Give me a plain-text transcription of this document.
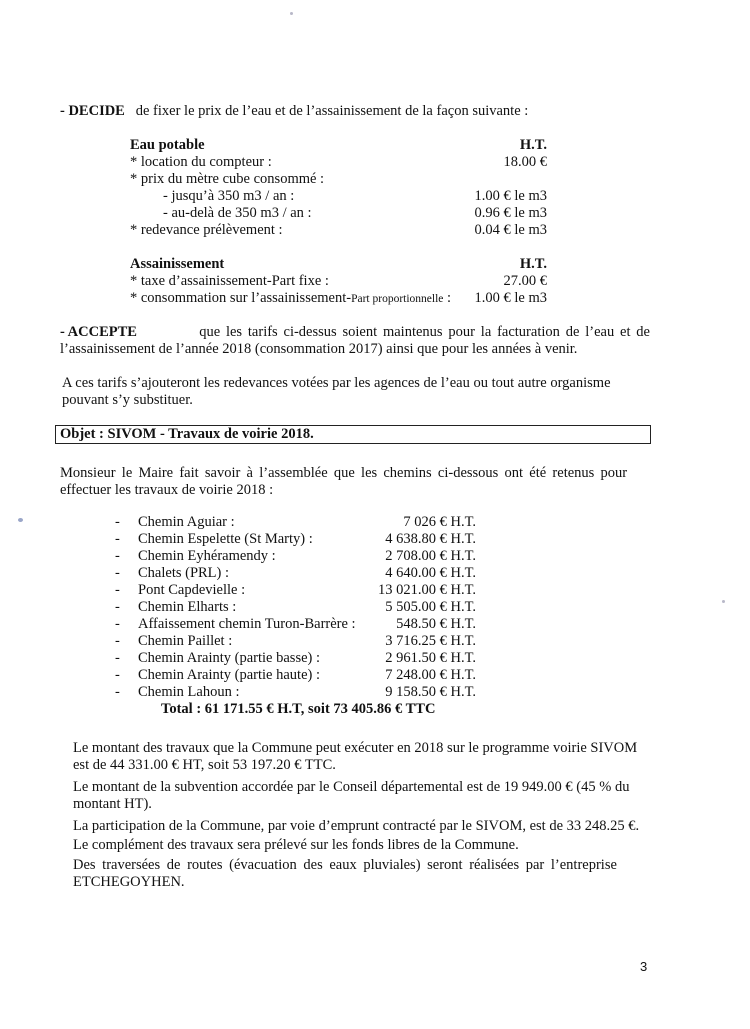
- DECIDE de fixer le prix de l’eau et de l’assainissement de la façon suivante :
Eau potable	H.T.
* location du compteur :	18.00 €
* prix du mètre cube consommé :
- jusqu’à 350 m3 / an :	1.00 € le m3
- au-delà de 350 m3 / an :	0.96 € le m3
* redevance prélèvement :	0.04 € le m3
Assainissement	H.T.
* taxe d’assainissement-Part fixe :	27.00 €
* consommation sur l’assainissement-Part proportionnelle : 1.00 € le m3
- ACCEPTE	que les tarifs ci-dessus soient maintenus pour la facturation de l’eau et de
l’assainissement de l’année 2018 (consommation 2017) ainsi que pour les années à venir.
A ces tarifs s’ajouteront les redevances votées par les agences de l’eau ou tout autre organisme
pouvant s’y substituer.
Objet : SIVOM - Travaux de voirie 2018.
Monsieur le Maire fait savoir à l’assemblée que les chemins ci-dessous ont été retenus pour
effectuer les travaux de voirie 2018 :
- Chemin Aguiar :	7 026 € H.T.
- Chemin Espelette (St Marty) :	4 638.80 € H.T.
- Chemin Eyhéramendy :	2 708.00 € H.T.
- Chalets (PRL) :	4 640.00 € H.T.
- Pont Capdevielle :	13 021.00 € H.T.
- Chemin Elharts :	5 505.00 € H.T.
- Affaissement chemin Turon-Barrère :	548.50 € H.T.
- Chemin Paillet :	3 716.25 € H.T.
- Chemin Arainty (partie basse) :	2 961.50 € H.T.
- Chemin Arainty (partie haute) :	7 248.00 € H.T.
- Chemin Lahoun :	9 158.50 € H.T.
Total : 61 171.55 € H.T, soit 73 405.86 € TTC
Le montant des travaux que la Commune peut exécuter en 2018 sur le programme voirie SIVOM
est de 44 331.00 € HT, soit 53 197.20 € TTC.
Le montant de la subvention accordée par le Conseil départemental est de 19 949.00 € (45 % du
montant HT).
La participation de la Commune, par voie d’emprunt contracté par le SIVOM, est de 33 248.25 €.
Le complément des travaux sera prélevé sur les fonds libres de la Commune.
Des traversées de routes (évacuation des eaux pluviales) seront réalisées par l’entreprise
ETCHEGOYHEN.
3
